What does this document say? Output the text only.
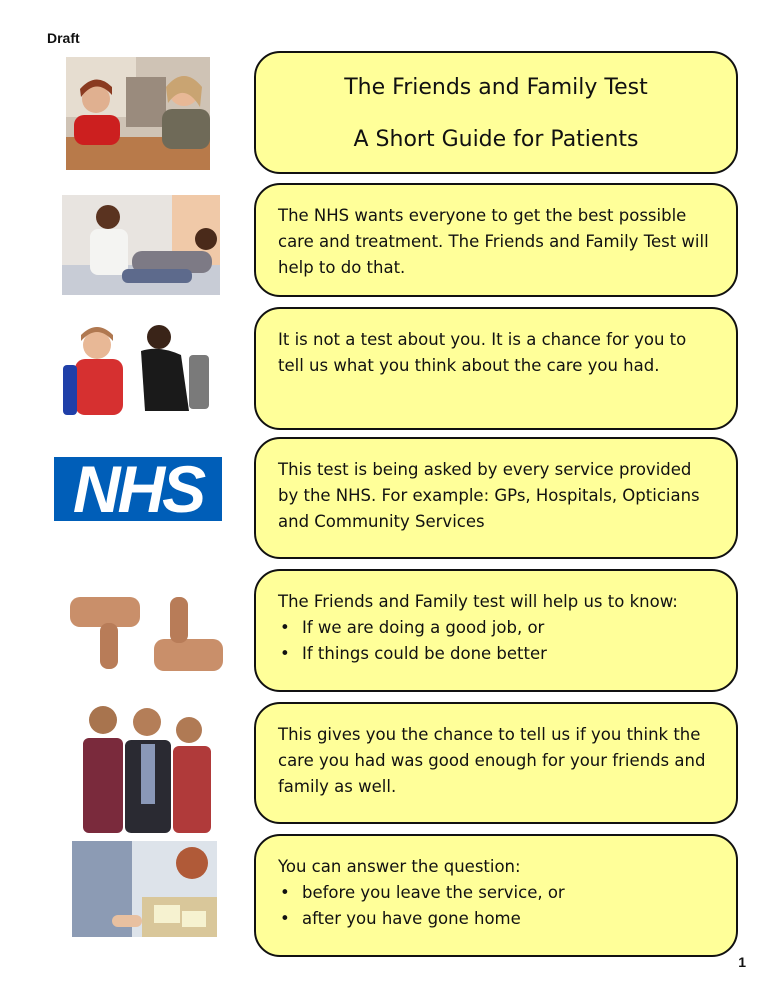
Draft
The Friends and Family Test
A Short Guide for Patients

The NHS wants everyone to get the best possible care and treatment. The Friends and Family Test will help to do that.

It is not a test about you. It is a chance for you to tell us what you think about the care you had.

This test is being asked by every service provided by the NHS. For example: GPs, Hospitals, Opticians and Community Services

NHS

The Friends and Family test will help us to know:

• If we are doing a good job, or
• If things could be done better

This gives you the chance to tell us if you think the care you had was good enough for your friends and family as well.

You can answer the question:

• before you leave the service, or
• after you have gone home
1
